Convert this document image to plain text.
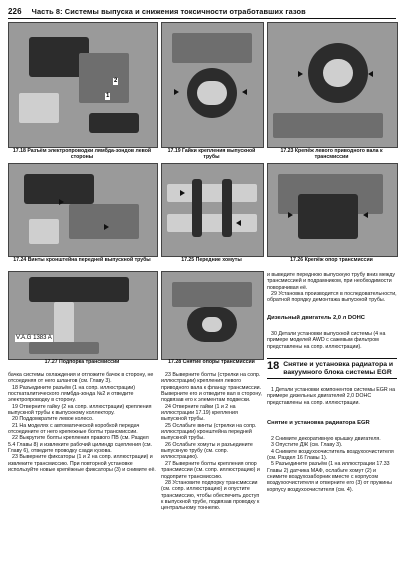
226 Часть 8: Системы выпуска и снижения токсичности отработавших газов
2
1
17.18 Разъём электропроводки лямбда-зондов левой стороны
17.19 Гайки крепления выпускной трубы
17.23 Крепёж левого приводного вала к трансмиссии
17.24 Винты кронштейна передней выпускной трубы	17.25 Передние хомуты	17.26 Крепёж опор трансмиссии
V.A.G 1383 A
17.27 Подпорка трансмиссии	17.28 Снятие опоры трансмиссии

и выведите переднюю выпускную трубу вниз между трансмиссией и подрамником, при необходимости поворачивая её.

29 Установка производится в последовательности, обратной порядку демонтажа выпускной трубы.

Дизельный двигатель 2,0 л DOHC

30 Детали установки выпускной системы (4 на примере моделей AWD с сажевым фильтром представлены на сопр. иллюстрации).

18 Снятие и установка радиатора и вакуумного блока системы EGR

1 Детали установки компонентов системы EGR на примере дизельных двигателей 2,0 DOHC представлены на сопр. иллюстрации.

Снятие и установка радиатора EGR

2 Снимите декоративную крышку двигателя.

3 Опустите ДЖ (см. Главу 3).

4 Снимите воздухоочиститель воздухоочистителя (см. Раздел 16 Главы 1).

5 Разъедините разъём (1 на иллюстрации 17.33 Главы 2) датчика МАФ, ослабьте хомут (2) и снимите воздухозаборник вместе с корпусом воздухоочистителя и отверните его (3) от пружины корпусу воздухоочистителя (см. 4).

бачка системы охлаждения и отложите бачок в сторону, не отсоединяя от него шлангов (см. Главу 3).

18 Разъедините разъём (1 на сопр. иллюстрации) посткаталитического лямбда-зонда №2 и отведите электропроводку в сторону.

19 Отверните гайку (2 на сопр. иллюстрации) крепления выпускной трубы к выпускному коллектору.

20 Поддомкратите левое колесо.

21 На моделях с автоматической коробкой передач отсоедините от него крепежные болты трансмиссии.

22 Выкрутите болты крепления правого ПВ (см. Раздел 5.4 Главы 8) и извлеките рабочий цилиндр сцепления (см. Главу 6), отведите проводку сзади кузова.

23 Выверните фиксаторы (1 и 2 на сопр. иллюстрации) и извлеките трансмиссию. При повторной установке используйте новые крепёжные фиксаторы (3) и снимите её.

23 Выверните болты (стрелки на сопр. иллюстрации) крепления левого приводного вала к фланцу трансмиссии. Выверните его и отведите вал в сторону, подвязав его к элементам подвески.

24 Отверните гайки (1 и 2 на иллюстрации 17.19) крепления выпускной трубы.

25 Ослабьте винты (стрелки на сопр. иллюстрации) кронштейна передней выпускной трубы.

26 Ослабьте хомуты и разъедините выпускную трубу (см. сопр. иллюстрацию).

27 Выверните болты крепления опор трансмиссии (см. сопр. иллюстрацию) и подоприте трансмиссию.

28 Установите подпорку трансмиссии (см. сопр. иллюстрацию) и опустите трансмиссию, чтобы обеспечить доступ к выпускной трубе, подвязав проводку к центральному тоннелю.
